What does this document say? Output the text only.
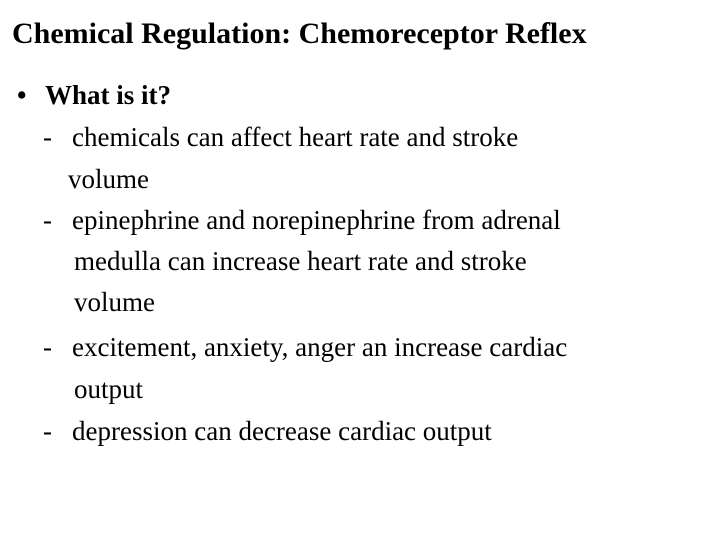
Chemical Regulation: Chemoreceptor Reflex
• What is it?
- chemicals can affect heart rate and stroke
volume
- epinephrine and norepinephrine from adrenal
medulla can increase heart rate and stroke
volume
- excitement, anxiety, anger an increase cardiac
output
- depression can decrease cardiac output
